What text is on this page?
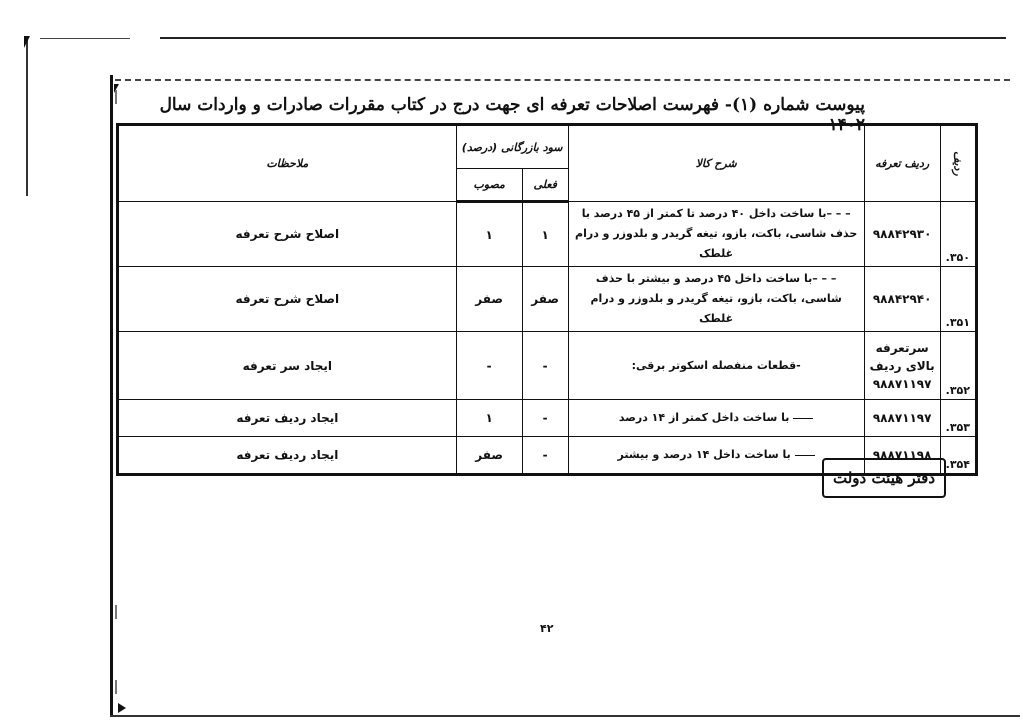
پیوست شماره (۱)- فهرست اصلاحات تعرفه ای جهت درج در کتاب مقررات صادرات و واردات سال ۱۴۰۲
ردیف	ردیف تعرفه	شرح کالا	سود بازرگانی (درصد)		ملاحظات
			فعلی	مصوب	
۳۵۰.	۹۸۸۴۲۹۳۰	– – –با ساخت داخل ۴۰ درصد تا کمتر از ۴۵ درصد با حذف شاسی، باکت، بازو، تیغه گریدر و بلدوزر و درام غلطک	۱	۱	اصلاح شرح تعرفه
۳۵۱.	۹۸۸۴۲۹۴۰	– – –با ساخت داخل ۴۵ درصد و بیشتر با حذف شاسی، باکت، بازو، تیغه گریدر و بلدوزر و درام غلطک	صفر	صفر	اصلاح شرح تعرفه
۳۵۲.	سرتعرفه
بالای ردیف
۹۸۸۷۱۱۹۷	-قطعات منفصله اسکوتر برقی:	-	-	ایجاد سر تعرفه
۳۵۳.	۹۸۸۷۱۱۹۷	با ساخت داخل کمتر از ۱۴ درصد	-	۱	ایجاد ردیف تعرفه
۳۵۴.	۹۸۸۷۱۱۹۸	با ساخت داخل ۱۴ درصد و بیشتر	-	صفر	ایجاد ردیف تعرفه
دفتر هیئت دولت
۴۲
